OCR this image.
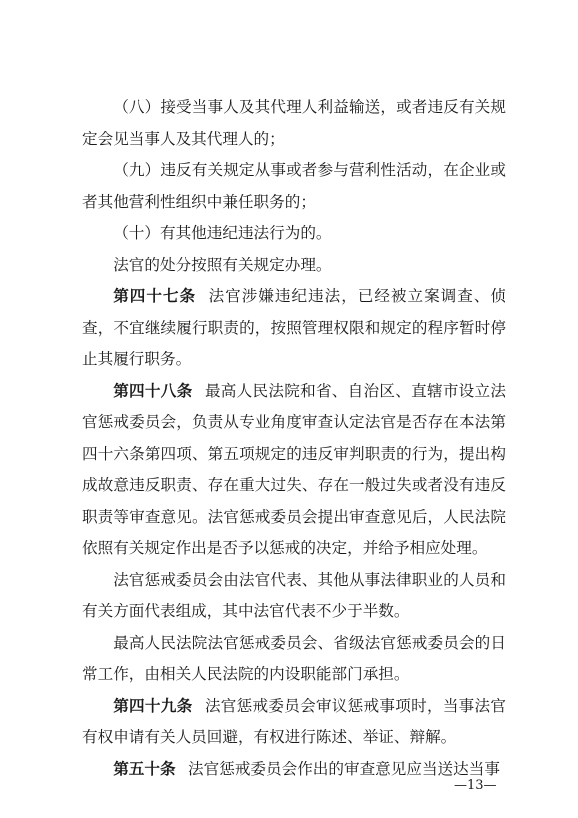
（八）接受当事人及其代理人利益输送，或者违反有关规定会见当事人及其代理人的；

（九）违反有关规定从事或者参与营利性活动，在企业或者其他营利性组织中兼任职务的；

（十）有其他违纪违法行为的。

法官的处分按照有关规定办理。

第四十七条 法官涉嫌违纪违法，已经被立案调查、侦查，不宜继续履行职责的，按照管理权限和规定的程序暂时停止其履行职务。

第四十八条 最高人民法院和省、自治区、直辖市设立法官惩戒委员会，负责从专业角度审查认定法官是否存在本法第四十六条第四项、第五项规定的违反审判职责的行为，提出构成故意违反职责、存在重大过失、存在一般过失或者没有违反职责等审查意见。法官惩戒委员会提出审查意见后，人民法院依照有关规定作出是否予以惩戒的决定，并给予相应处理。

法官惩戒委员会由法官代表、其他从事法律职业的人员和有关方面代表组成，其中法官代表不少于半数。

最高人民法院法官惩戒委员会、省级法官惩戒委员会的日常工作，由相关人民法院的内设职能部门承担。

第四十九条 法官惩戒委员会审议惩戒事项时，当事法官有权申请有关人员回避，有权进行陈述、举证、辩解。

第五十条 法官惩戒委员会作出的审查意见应当送达当事

—13—
